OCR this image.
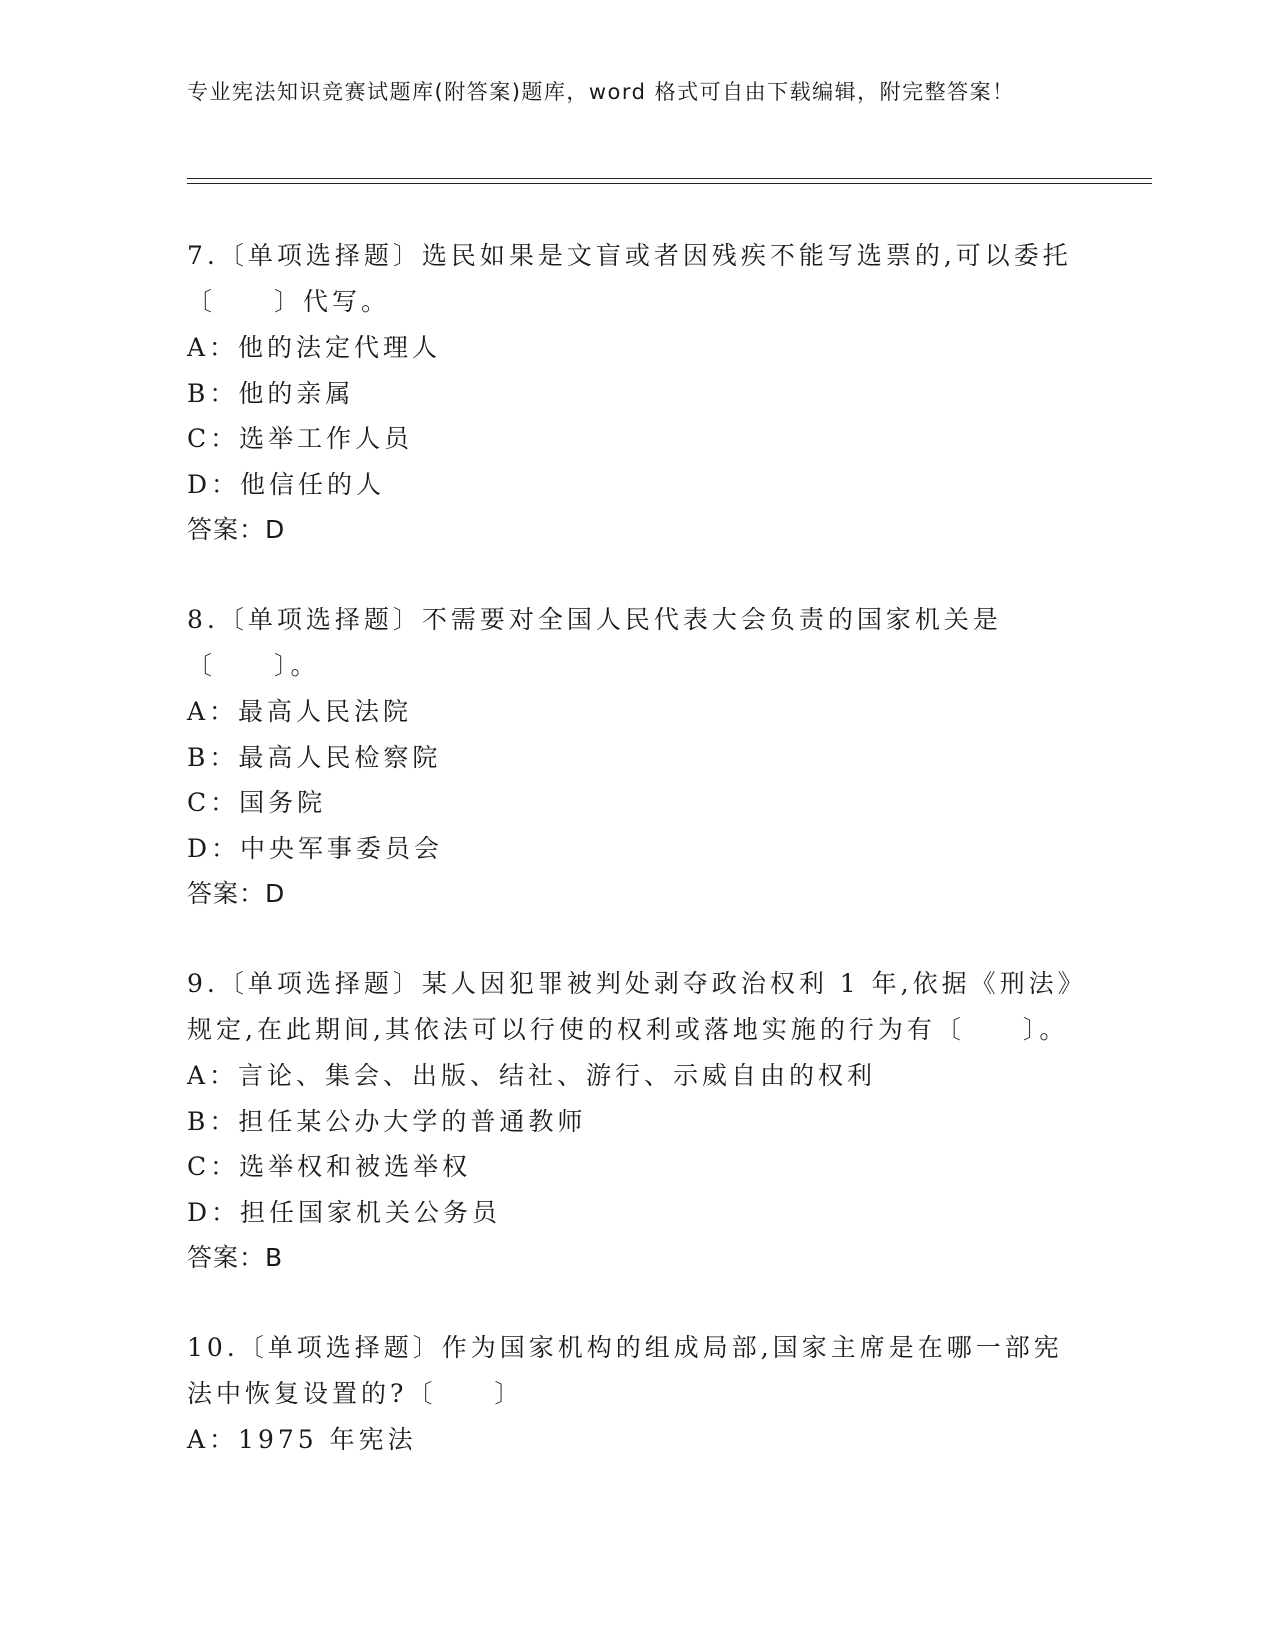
专业宪法知识竞赛试题库(附答案)题库，word 格式可自由下载编辑，附完整答案！

7.〔单项选择题〕选民如果是文盲或者因残疾不能写选票的,可以委托〔　　〕代写。

A：他的法定代理人

B：他的亲属

C：选举工作人员

D：他信任的人

答案：D

8.〔单项选择题〕不需要对全国人民代表大会负责的国家机关是〔　　〕。

A：最高人民法院

B：最高人民检察院

C：国务院

D：中央军事委员会

答案：D

9.〔单项选择题〕某人因犯罪被判处剥夺政治权利 1 年,依据《刑法》规定,在此期间,其依法可以行使的权利或落地实施的行为有〔　　〕。

A：言论、集会、出版、结社、游行、示威自由的权利

B：担任某公办大学的普通教师

C：选举权和被选举权

D：担任国家机关公务员

答案：B

10.〔单项选择题〕作为国家机构的组成局部,国家主席是在哪一部宪法中恢复设置的?〔　　〕

A：1975 年宪法
